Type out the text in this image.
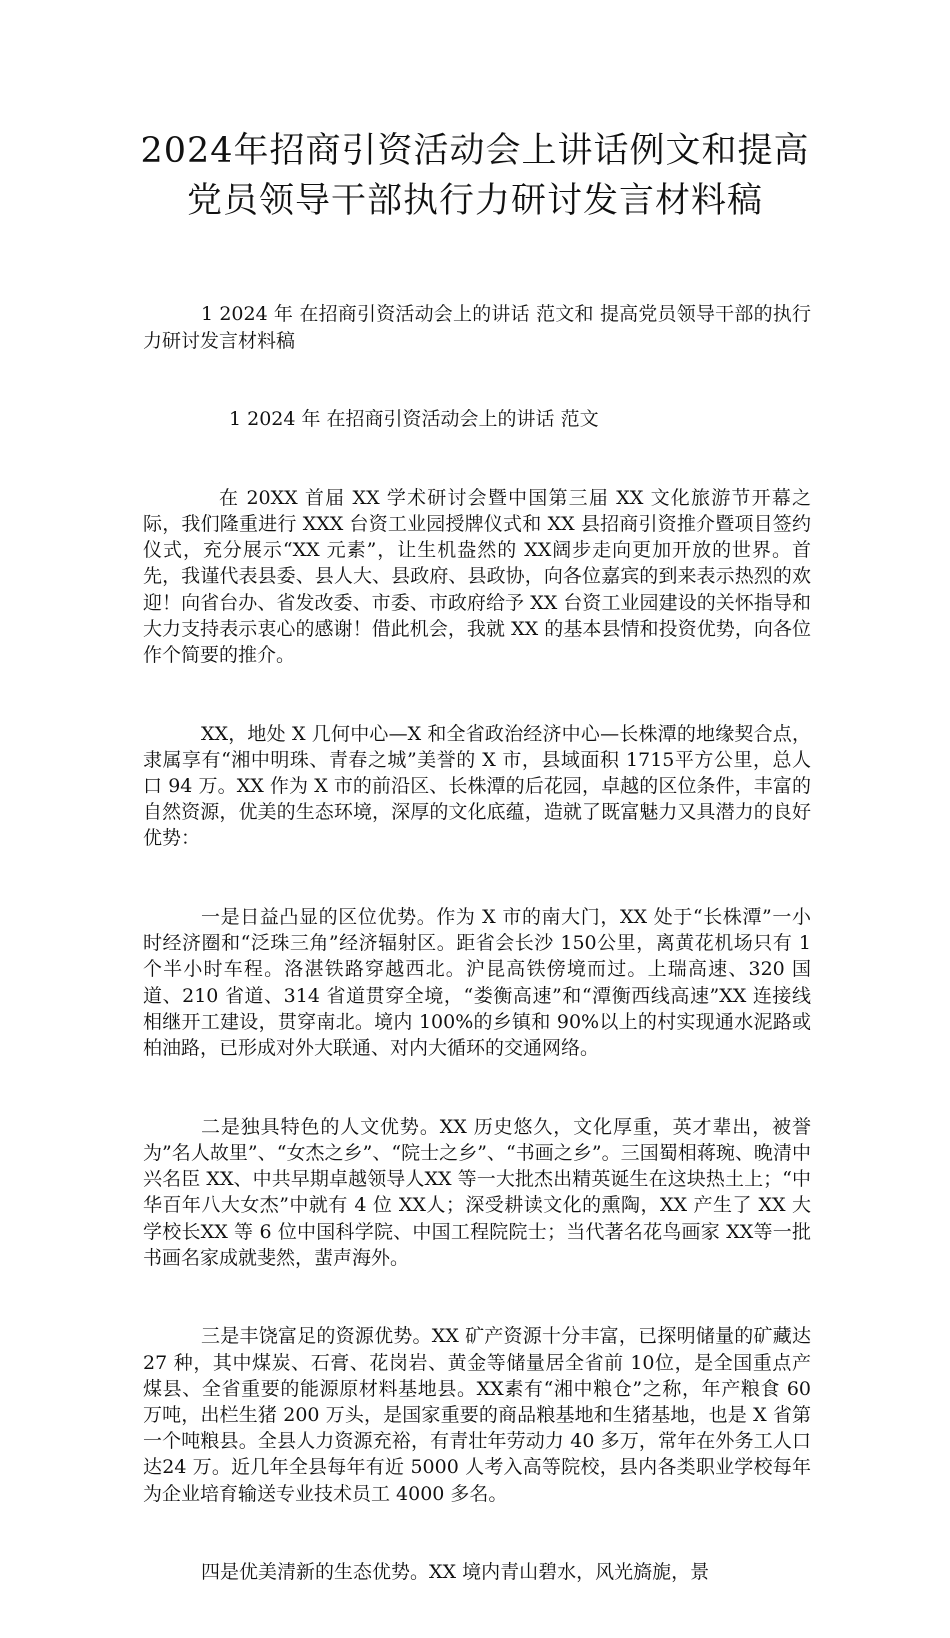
2024年招商引资活动会上讲话例文和提高党员领导干部执行力研讨发言材料稿

1 2024 年 在招商引资活动会上的讲话 范文和 提高党员领导干部的执行力研讨发言材料稿

1 2024 年 在招商引资活动会上的讲话 范文

在 20XX 首届 XX 学术研讨会暨中国第三届 XX 文化旅游节开幕之际，我们隆重进行 XXX 台资工业园授牌仪式和 XX 县招商引资推介暨项目签约仪式，充分展示“XX 元素”，让生机盎然的 XX阔步走向更加开放的世界。首先，我谨代表县委、县人大、县政府、县政协，向各位嘉宾的到来表示热烈的欢迎！向省台办、省发改委、市委、市政府给予 XX 台资工业园建设的关怀指导和大力支持表示衷心的感谢！借此机会，我就 XX 的基本县情和投资优势，向各位作个简要的推介。

XX，地处 X 几何中心—X 和全省政治经济中心—长株潭的地缘契合点，隶属享有“湘中明珠、青春之城”美誉的 X 市，县域面积 1715平方公里，总人口 94 万。XX 作为 X 市的前沿区、长株潭的后花园，卓越的区位条件，丰富的自然资源，优美的生态环境，深厚的文化底蕴，造就了既富魅力又具潜力的良好优势：

一是日益凸显的区位优势。作为 X 市的南大门，XX 处于“长株潭”一小时经济圈和“泛珠三角”经济辐射区。距省会长沙 150公里，离黄花机场只有 1 个半小时车程。洛湛铁路穿越西北。沪昆高铁傍境而过。上瑞高速、320 国道、210 省道、314 省道贯穿全境，“娄衡高速”和“潭衡西线高速”XX 连接线相继开工建设，贯穿南北。境内 100%的乡镇和 90%以上的村实现通水泥路或柏油路，已形成对外大联通、对内大循环的交通网络。

二是独具特色的人文优势。XX 历史悠久，文化厚重，英才辈出，被誉为”名人故里”、“女杰之乡”、“院士之乡”、“书画之乡”。三国蜀相蒋琬、晚清中兴名臣 XX、中共早期卓越领导人XX 等一大批杰出精英诞生在这块热土上；“中华百年八大女杰”中就有 4 位 XX人；深受耕读文化的熏陶，XX 产生了 XX 大学校长XX 等 6 位中国科学院、中国工程院院士；当代著名花鸟画家 XX等一批书画名家成就斐然，蜚声海外。

三是丰饶富足的资源优势。XX 矿产资源十分丰富，已探明储量的矿藏达 27 种，其中煤炭、石膏、花岗岩、黄金等储量居全省前 10位，是全国重点产煤县、全省重要的能源原材料基地县。XX素有“湘中粮仓”之称，年产粮食 60 万吨，出栏生猪 200 万头，是国家重要的商品粮基地和生猪基地，也是 X 省第一个吨粮县。全县人力资源充裕，有青壮年劳动力 40 多万，常年在外务工人口达24 万。近几年全县每年有近 5000 人考入高等院校，县内各类职业学校每年为企业培育输送专业技术员工 4000 多名。

四是优美清新的生态优势。XX 境内青山碧水，风光旖旎，景
